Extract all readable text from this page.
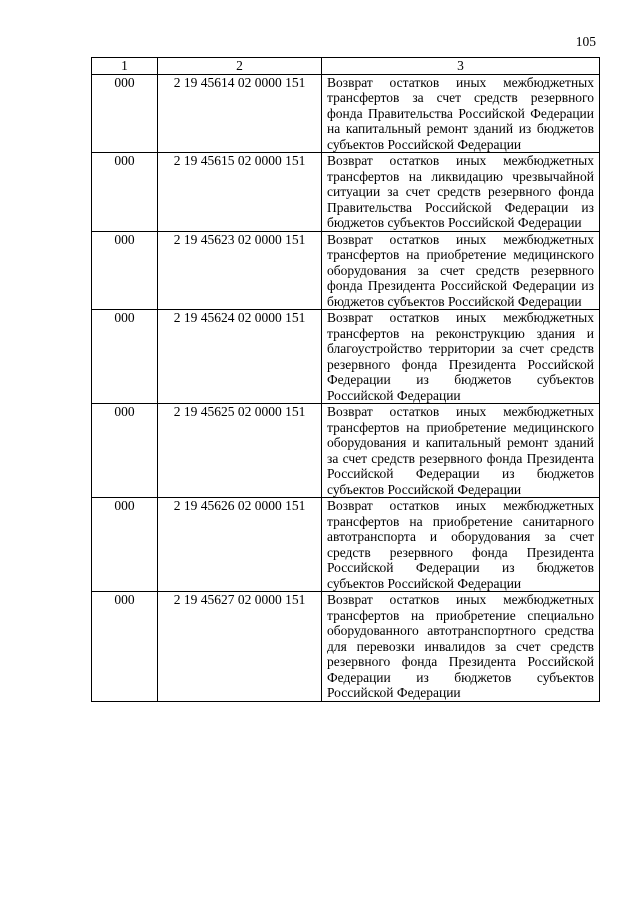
105
1	2	3
000	2 19 45614 02 0000 151	Возврат остатков иных межбюджетных трансфертов за счет средств резервного фонда Правительства Российской Федерации на капитальный ремонт зданий из бюджетов субъектов Российской Федерации
000	2 19 45615 02 0000 151	Возврат остатков иных межбюджетных трансфертов на ликвидацию чрезвычайной ситуации за счет средств резервного фонда Правительства Российской Федерации из бюджетов субъектов Российской Федерации
000	2 19 45623 02 0000 151	Возврат остатков иных межбюджетных трансфертов на приобретение медицинского оборудования за счет средств резервного фонда Президента Российской Федерации из бюджетов субъектов Российской Федерации
000	2 19 45624 02 0000 151	Возврат остатков иных межбюджетных трансфертов на реконструкцию здания и благоустройство территории за счет средств резервного фонда Президента Российской Федерации из бюджетов субъектов Российской Федерации
000	2 19 45625 02 0000 151	Возврат остатков иных межбюджетных трансфертов на приобретение медицинского оборудования и капитальный ремонт зданий за счет средств резервного фонда Президента Российской Федерации из бюджетов субъектов Российской Федерации
000	2 19 45626 02 0000 151	Возврат остатков иных межбюджетных трансфертов на приобретение санитарного автотранспорта и оборудования за счет средств резервного фонда Президента Российской Федерации из бюджетов субъектов Российской Федерации
000	2 19 45627 02 0000 151	Возврат остатков иных межбюджетных трансфертов на приобретение специально оборудованного автотранспортного средства для перевозки инвалидов за счет средств резервного фонда Президента Российской Федерации из бюджетов субъектов Российской Федерации
